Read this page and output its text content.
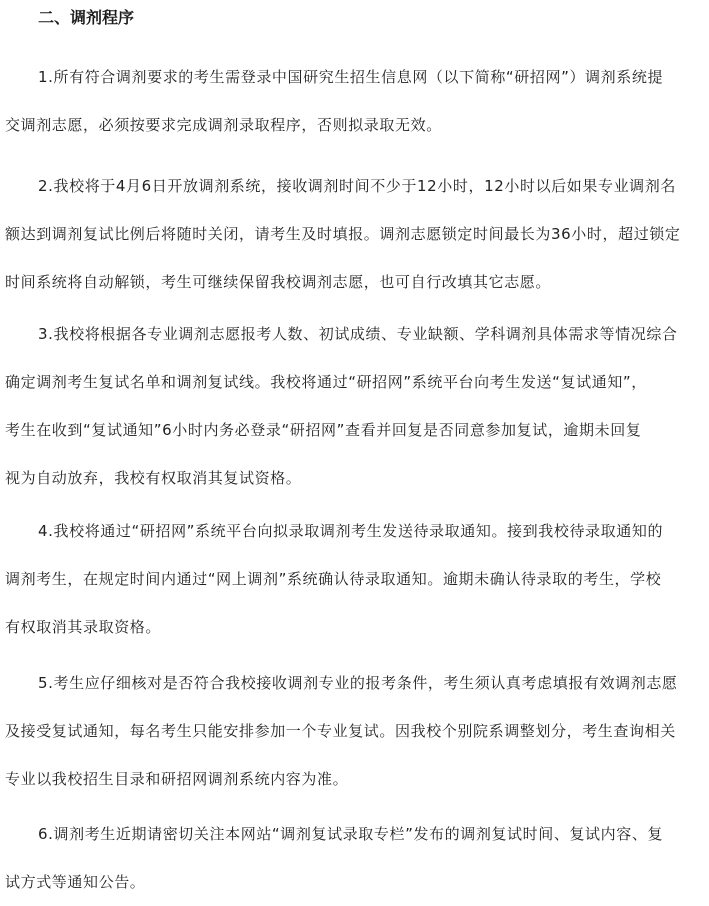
二、调剂程序
1.所有符合调剂要求的考生需登录中国研究生招生信息网（以下简称“研招网”）调剂系统提
交调剂志愿，必须按要求完成调剂录取程序，否则拟录取无效。
2.我校将于4月6日开放调剂系统，接收调剂时间不少于12小时，12小时以后如果专业调剂名
额达到调剂复试比例后将随时关闭，请考生及时填报。调剂志愿锁定时间最长为36小时，超过锁定
时间系统将自动解锁，考生可继续保留我校调剂志愿，也可自行改填其它志愿。
3.我校将根据各专业调剂志愿报考人数、初试成绩、专业缺额、学科调剂具体需求等情况综合
确定调剂考生复试名单和调剂复试线。我校将通过“研招网”系统平台向考生发送“复试通知”，
考生在收到“复试通知”6小时内务必登录“研招网”查看并回复是否同意参加复试，逾期未回复
视为自动放弃，我校有权取消其复试资格。
4.我校将通过“研招网”系统平台向拟录取调剂考生发送待录取通知。接到我校待录取通知的
调剂考生，在规定时间内通过“网上调剂”系统确认待录取通知。逾期未确认待录取的考生，学校
有权取消其录取资格。
5.考生应仔细核对是否符合我校接收调剂专业的报考条件，考生须认真考虑填报有效调剂志愿
及接受复试通知，每名考生只能安排参加一个专业复试。因我校个别院系调整划分，考生查询相关
专业以我校招生目录和研招网调剂系统内容为准。
6.调剂考生近期请密切关注本网站“调剂复试录取专栏”发布的调剂复试时间、复试内容、复
试方式等通知公告。
